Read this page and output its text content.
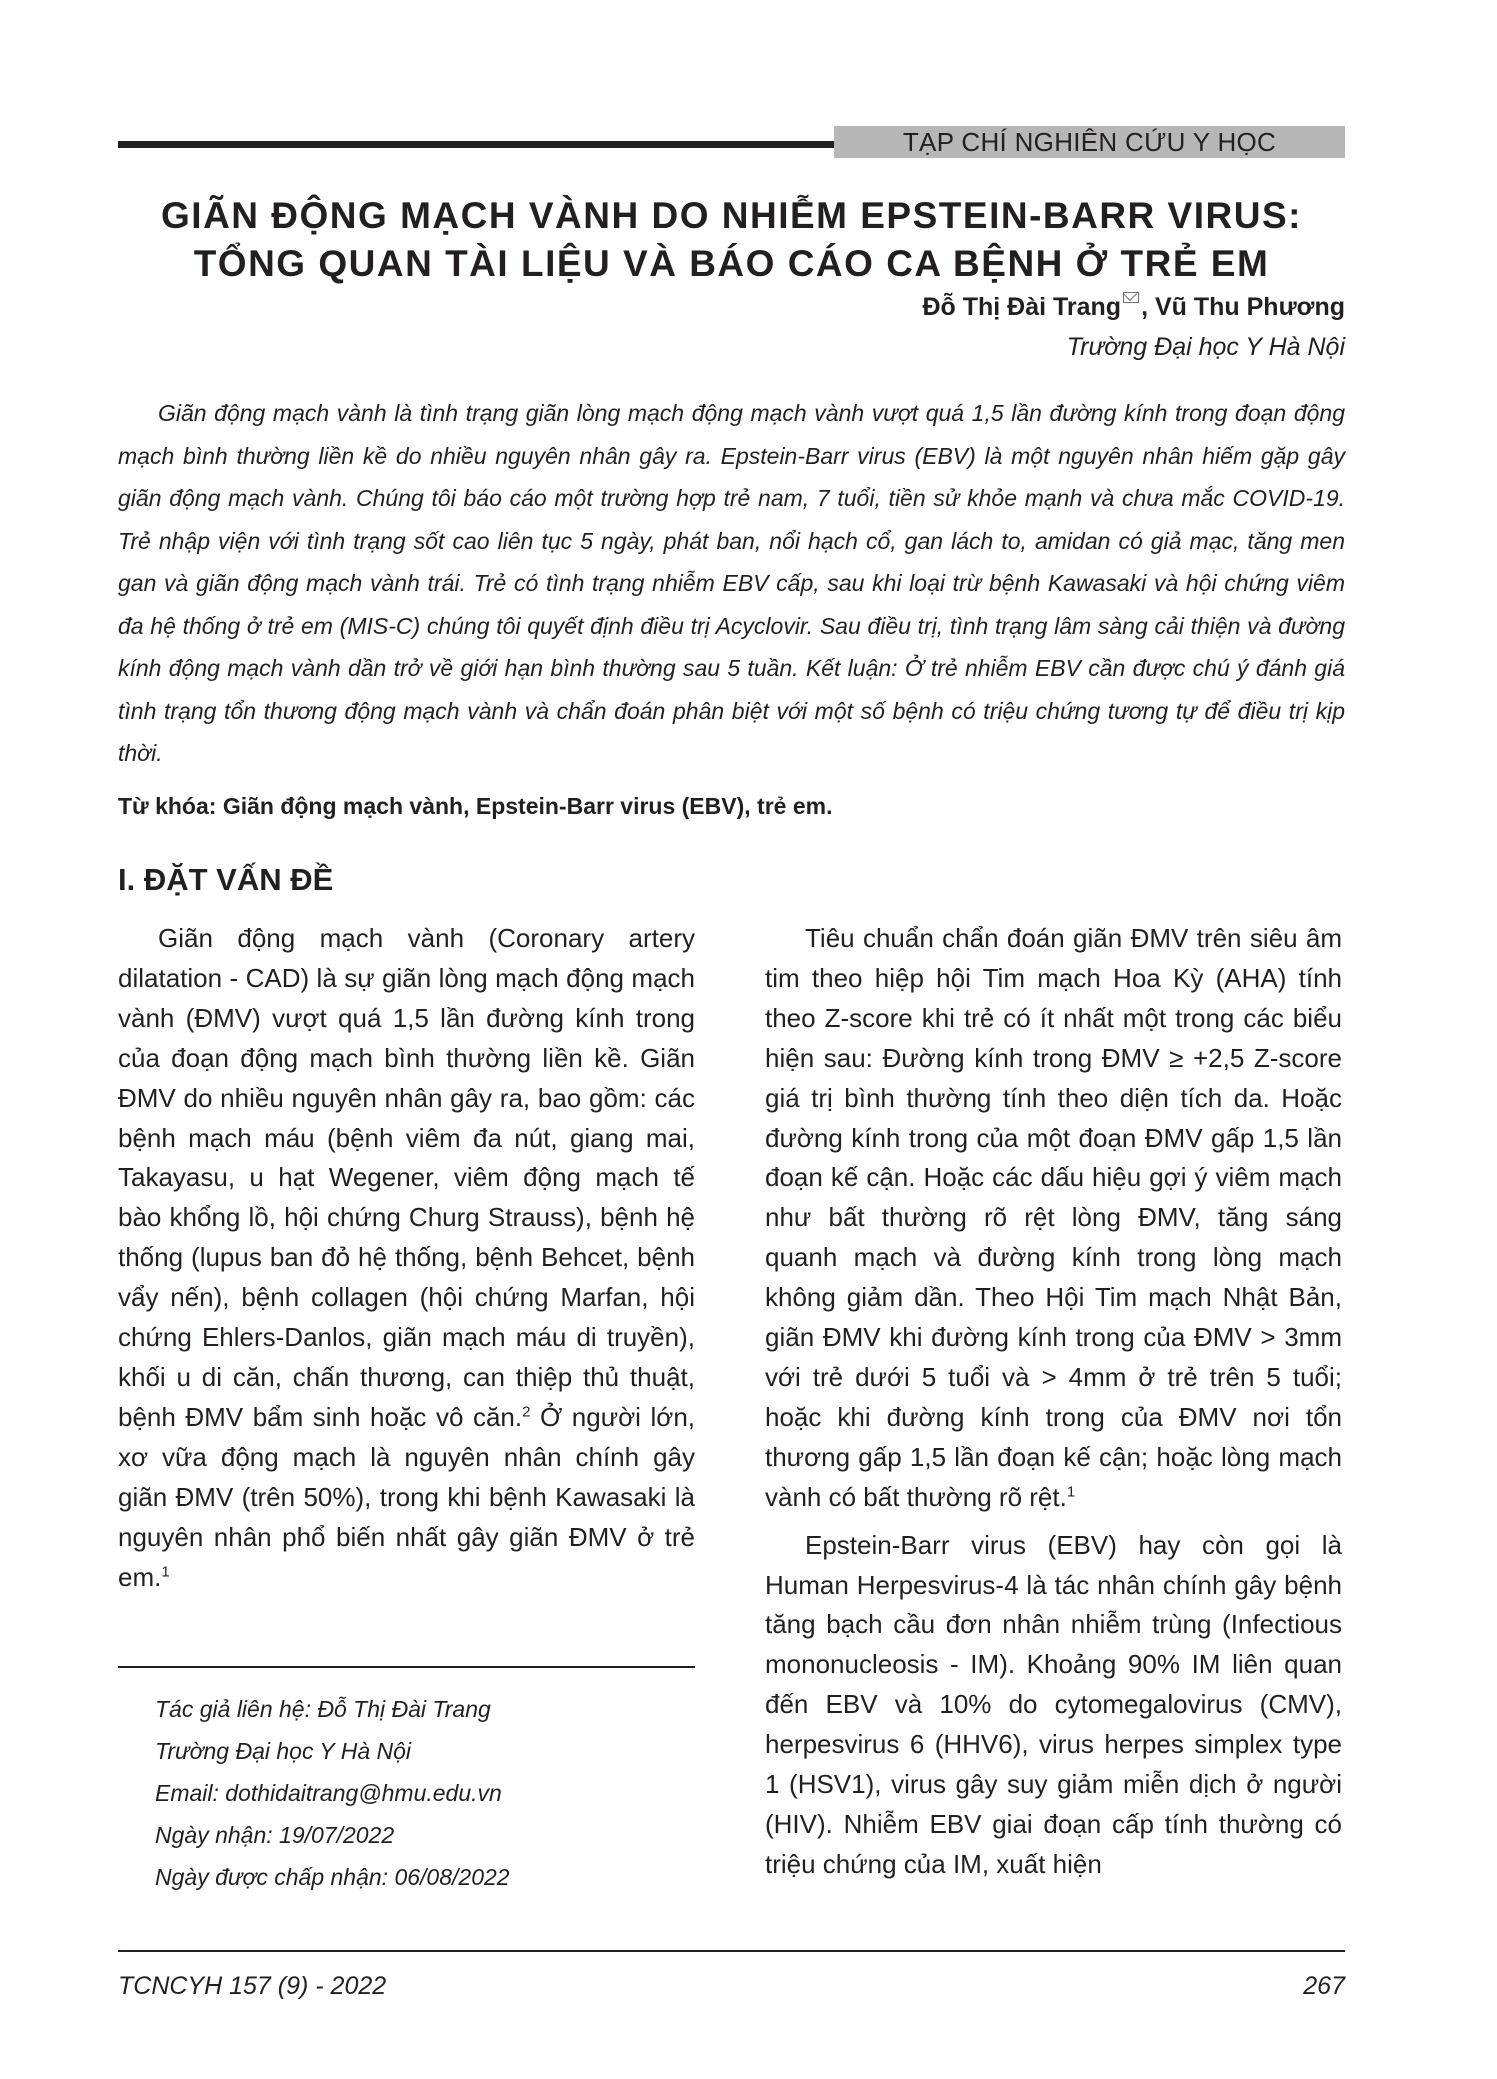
TẠP CHÍ NGHIÊN CỨU Y HỌC
GIÃN ĐỘNG MẠCH VÀNH DO NHIỄM EPSTEIN-BARR VIRUS:
TỔNG QUAN TÀI LIỆU VÀ BÁO CÁO CA BỆNH Ở TRẺ EM
Đỗ Thị Đài Trang , Vũ Thu Phương
Trường Đại học Y Hà Nội

Giãn động mạch vành là tình trạng giãn lòng mạch động mạch vành vượt quá 1,5 lần đường kính trong đoạn động mạch bình thường liền kề do nhiều nguyên nhân gây ra. Epstein-Barr virus (EBV) là một nguyên nhân hiếm gặp gây giãn động mạch vành. Chúng tôi báo cáo một trường hợp trẻ nam, 7 tuổi, tiền sử khỏe mạnh và chưa mắc COVID-19. Trẻ nhập viện với tình trạng sốt cao liên tục 5 ngày, phát ban, nổi hạch cổ, gan lách to, amidan có giả mạc, tăng men gan và giãn động mạch vành trái. Trẻ có tình trạng nhiễm EBV cấp, sau khi loại trừ bệnh Kawasaki và hội chứng viêm đa hệ thống ở trẻ em (MIS-C) chúng tôi quyết định điều trị Acyclovir. Sau điều trị, tình trạng lâm sàng cải thiện và đường kính động mạch vành dần trở về giới hạn bình thường sau 5 tuần. Kết luận: Ở trẻ nhiễm EBV cần được chú ý đánh giá tình trạng tổn thương động mạch vành và chẩn đoán phân biệt với một số bệnh có triệu chứng tương tự để điều trị kịp thời.

Từ khóa: Giãn động mạch vành, Epstein-Barr virus (EBV), trẻ em.
I. ĐẶT VẤN ĐỀ

Giãn động mạch vành (Coronary artery dilatation - CAD) là sự giãn lòng mạch động mạch vành (ĐMV) vượt quá 1,5 lần đường kính trong của đoạn động mạch bình thường liền kề. Giãn ĐMV do nhiều nguyên nhân gây ra, bao gồm: các bệnh mạch máu (bệnh viêm đa nút, giang mai, Takayasu, u hạt Wegener, viêm động mạch tế bào khổng lồ, hội chứng Churg Strauss), bệnh hệ thống (lupus ban đỏ hệ thống, bệnh Behcet, bệnh vẩy nến), bệnh collagen (hội chứng Marfan, hội chứng Ehlers-Danlos, giãn mạch máu di truyền), khối u di căn, chấn thương, can thiệp thủ thuật, bệnh ĐMV bẩm sinh hoặc vô căn.$^2$ Ở người lớn, xơ vữa động mạch là nguyên nhân chính gây giãn ĐMV (trên 50%), trong khi bệnh Kawasaki là nguyên nhân phổ biến nhất gây giãn ĐMV ở trẻ em.$^1$

Tiêu chuẩn chẩn đoán giãn ĐMV trên siêu âm tim theo hiệp hội Tim mạch Hoa Kỳ (AHA) tính theo Z-score khi trẻ có ít nhất một trong các biểu hiện sau: Đường kính trong ĐMV ≥ +2,5 Z-score giá trị bình thường tính theo diện tích da. Hoặc đường kính trong của một đoạn ĐMV gấp 1,5 lần đoạn kế cận. Hoặc các dấu hiệu gợi ý viêm mạch như bất thường rõ rệt lòng ĐMV, tăng sáng quanh mạch và đường kính trong lòng mạch không giảm dần. Theo Hội Tim mạch Nhật Bản, giãn ĐMV khi đường kính trong của ĐMV > 3mm với trẻ dưới 5 tuổi và > 4mm ở trẻ trên 5 tuổi; hoặc khi đường kính trong của ĐMV nơi tổn thương gấp 1,5 lần đoạn kế cận; hoặc lòng mạch vành có bất thường rõ rệt.$^1$

Epstein-Barr virus (EBV) hay còn gọi là Human Herpesvirus-4 là tác nhân chính gây bệnh tăng bạch cầu đơn nhân nhiễm trùng (Infectious mononucleosis - IM). Khoảng 90% IM liên quan đến EBV và 10% do cytomegalovirus (CMV), herpesvirus 6 (HHV6), virus herpes simplex type 1 (HSV1), virus gây suy giảm miễn dịch ở người (HIV). Nhiễm EBV giai đoạn cấp tính thường có triệu chứng của IM, xuất hiện

Tác giả liên hệ: Đỗ Thị Đài Trang
Trường Đại học Y Hà Nội
Email: dothidaitrang@hmu.edu.vn
Ngày nhận: 19/07/2022
Ngày được chấp nhận: 06/08/2022
TCNCYH 157 (9) - 2022	267
